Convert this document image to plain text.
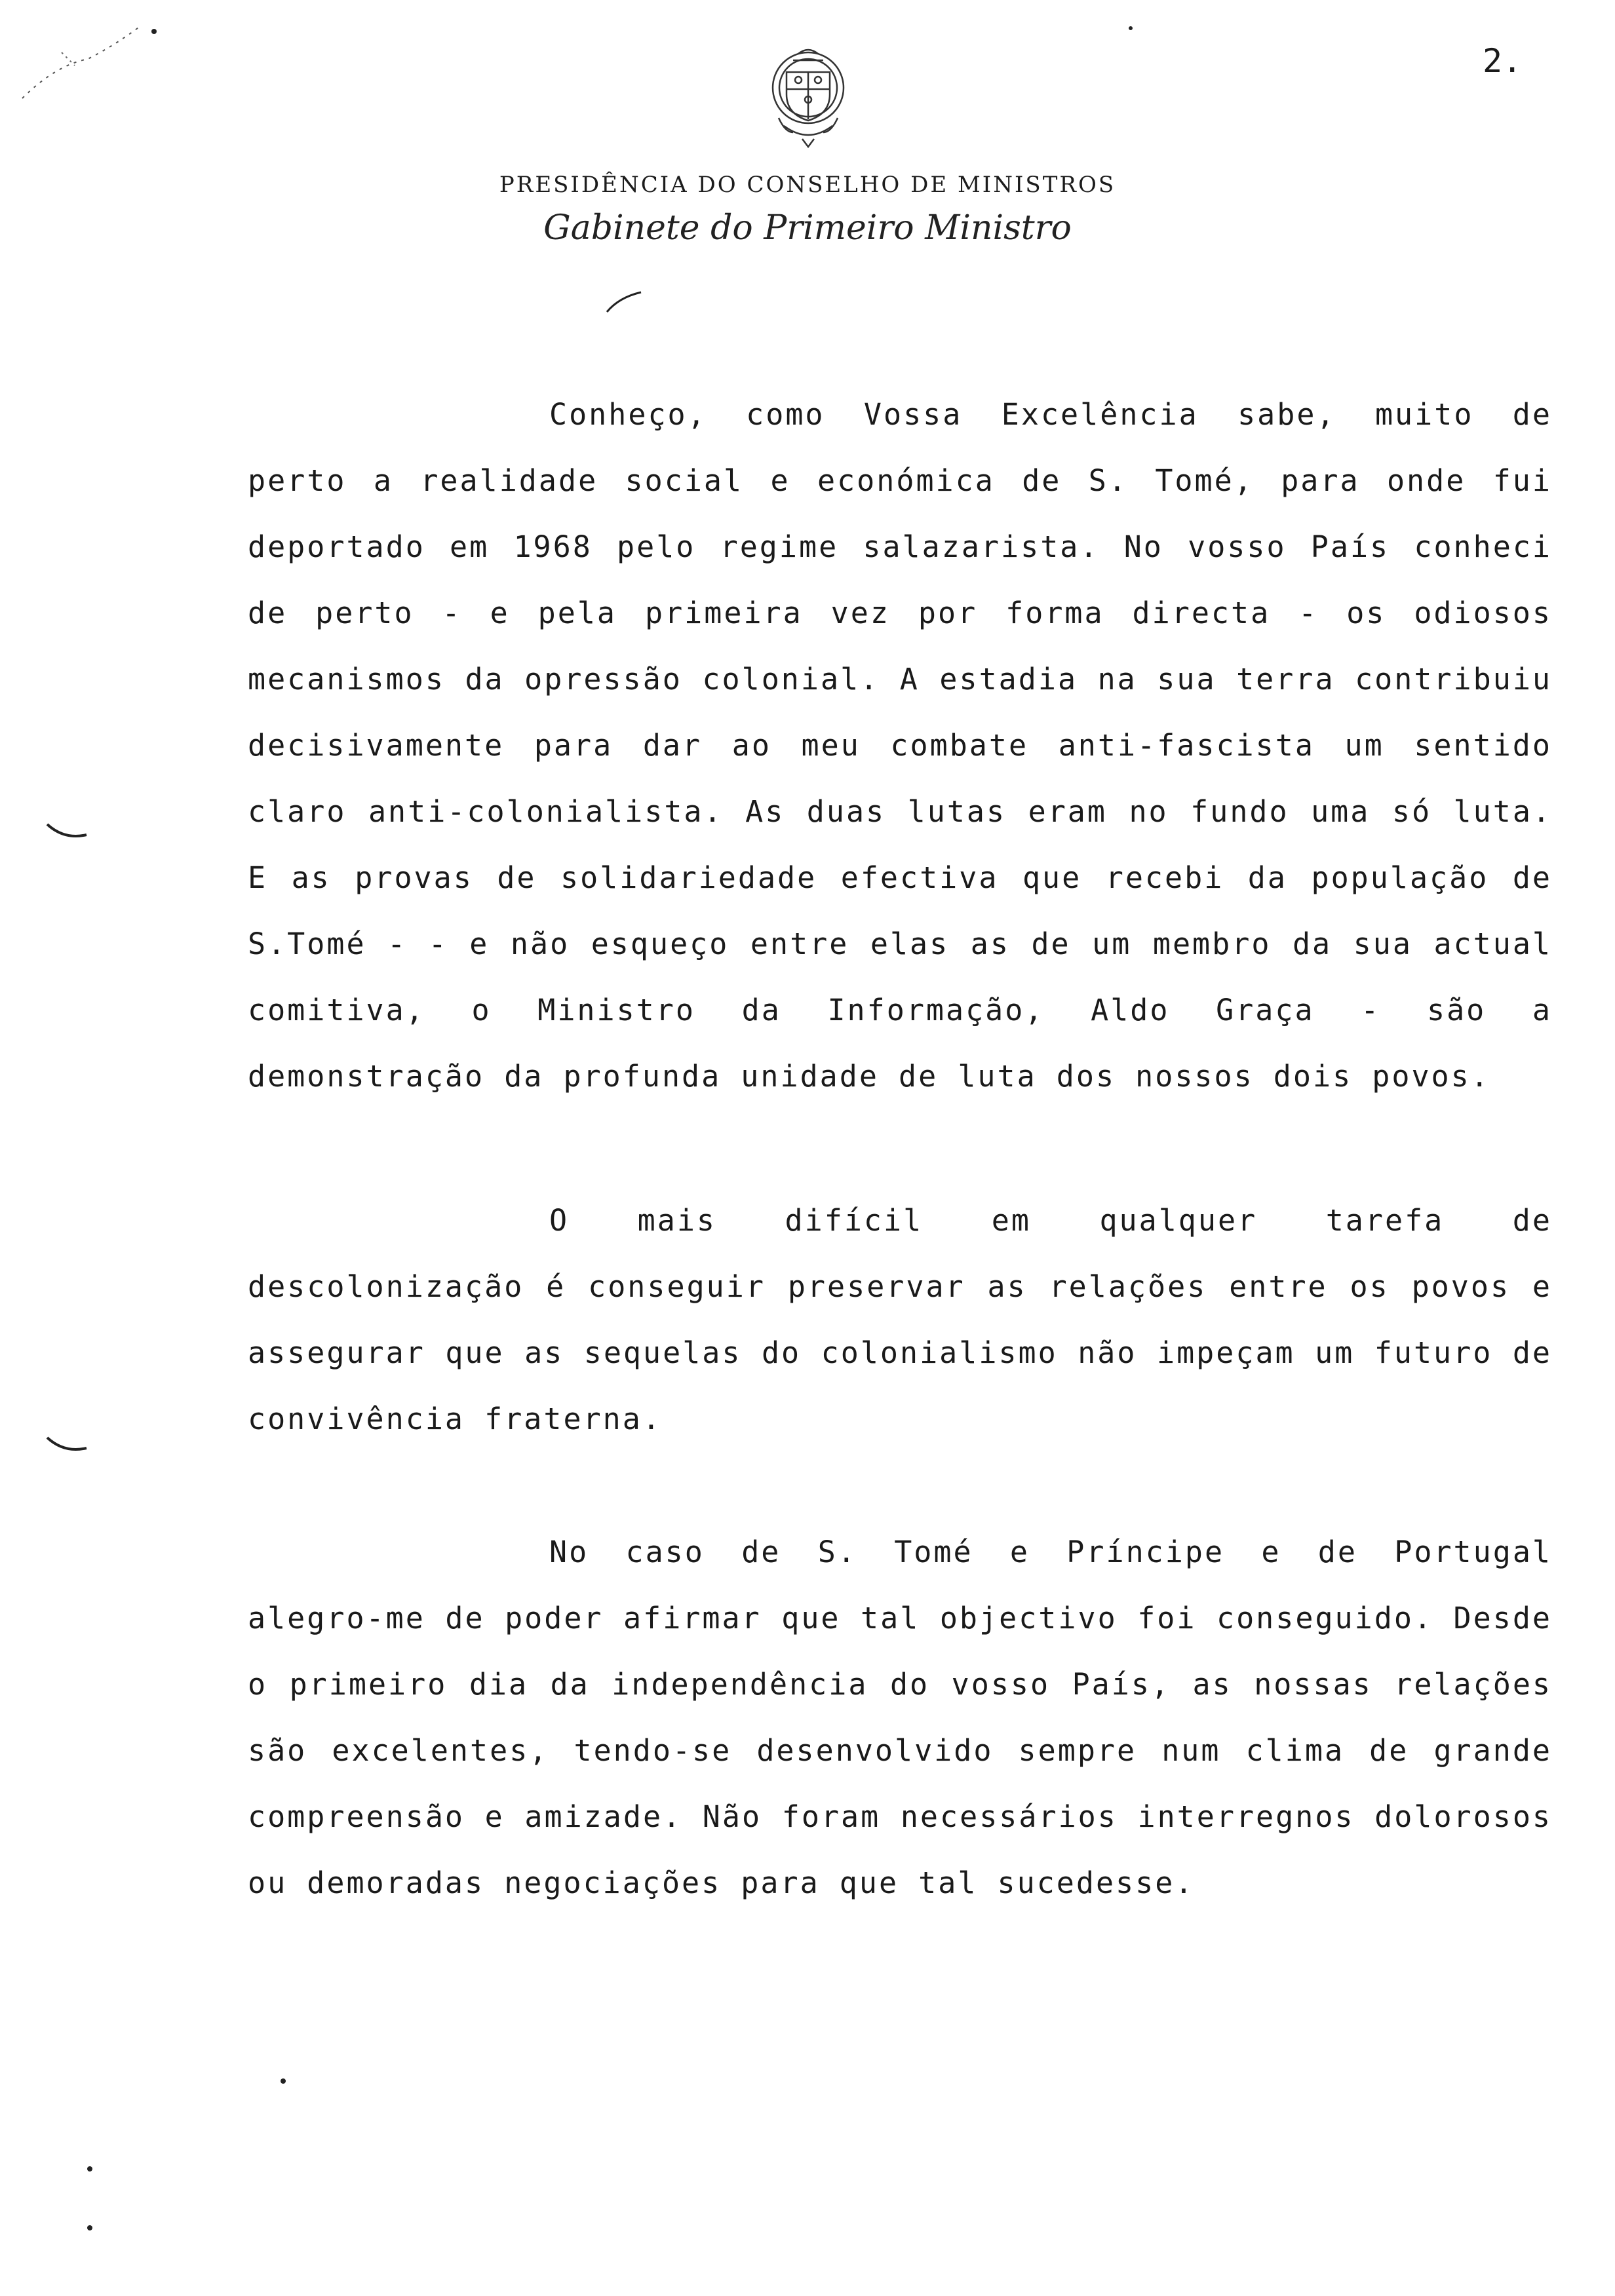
2.
PRESIDÊNCIA DO CONSELHO DE MINISTROS
Gabinete do Primeiro Ministro

Conheço, como Vossa Excelência sabe, muito de perto a realidade social e económica de S. Tomé, para onde fui deportado em 1968 pelo regime salazarista. No vosso País conheci de perto - e pela primeira vez por forma directa - os odiosos mecanismos da opressão colonial. A estadia na sua terra contribuiu decisivamente para dar ao meu combate anti-fascista um sentido claro anti-colonialista. As duas lutas eram no fundo uma só luta. E as provas de solidariedade efectiva que recebi da população de S.Tomé - - e não esqueço entre elas as de um membro da sua actual comitiva, o Ministro da Informação, Aldo Graça - são a demonstração da profunda unidade de luta dos nossos dois povos.

O mais difícil em qualquer tarefa de descolonização é conseguir preservar as relações entre os povos e assegurar que as sequelas do colonialismo não impeçam um futuro de convivência fraterna.

No caso de S. Tomé e Príncipe e de Portugal alegro-me de poder afirmar que tal objectivo foi conseguido. Desde o primeiro dia da independência do vosso País, as nossas relações são excelentes, tendo-se desenvolvido sempre num clima de grande compreensão e amizade. Não foram necessários interregnos dolorosos ou demoradas negociações para que tal sucedesse.
